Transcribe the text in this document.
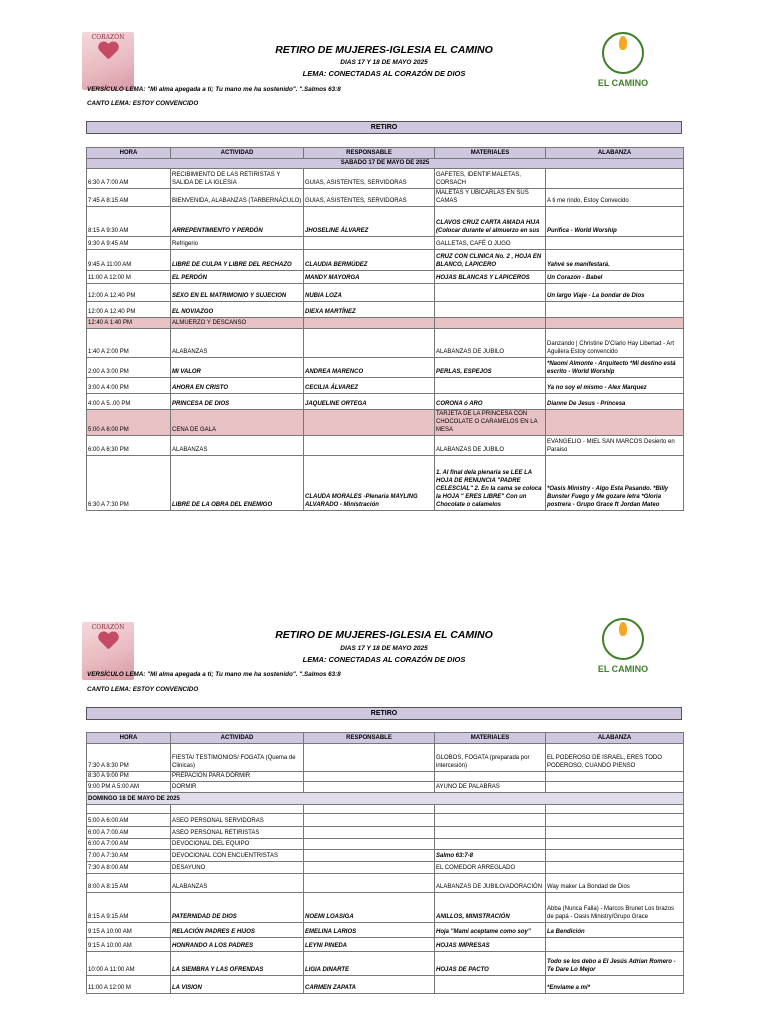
CORAZÓN
EL CAMINO
RETIRO DE MUJERES-IGLESIA EL CAMINO
DIAS 17 Y 18 DE MAYO 2025
LEMA: CONECTADAS AL CORAZÓN DE DIOS
VERSÍCULO LEMA: "Mi alma apegada a ti; Tu mano me ha sostenido". ".Salmos 63:8
CANTO LEMA: ESTOY CONVENCIDO
RETIRO
HORA	ACTIVIDAD	RESPONSABLE	MATERIALES	ALABANZA
SABADO 17 DE MAYO DE 2025				
6:30 A 7:00 AM	RECIBIMIENTO DE LAS RETIRISTAS Y SALIDA DE LA IGLESIA	GUIAS, ASISTENTES, SERVIDORAS	GAFETES, IDENTIF.MALETAS, CORSACH	
7:45 A 8:15 AM	BIENVENIDA, ALABANZAS (TARBERNÁCULO)	GUIAS, ASISTENTES, SERVIDORAS	MALETAS Y UBICARLAS EN SUS CAMAS	A ti me rindo, Estoy Convecido
8:15 A 9:30 AM	ARREPENTIMIENTO Y PERDÓN	JHOSELINE ÁLVAREZ	CLAVOS CRUZ CARTA AMADA HIJA (Colocar durante el almuerzo en sus	Purifica - World Worship
9:30 A 9:45 AM	Refrigerio		GALLETAS, CAFÉ O JUGO	
9:45 A 11:00 AM	LIBRE DE CULPA Y LIBRE DEL RECHAZO	CLAUDIA BERMÚDEZ	CRUZ CON CLINICA No. 2 , HOJA EN BLANCO, LAPICERO	Yahvé se manifestará.
11:00 A 12:00 M	EL PERDÓN	MANDY MAYORGA	HOJAS BLANCAS Y LAPICEROS	Un Corazón - Babel
12:00 A 12:40 PM	SEXO EN EL MATRIMONIO Y SUJECION	NUBIA LOZA		Un largo Viaje - La bondar de Dios
12:00 A 12:40 PM	EL NOVIAZGO	DIEXA MARTÍNEZ		
12:40 A 1:40 PM	ALMUERZO Y DESCANSO			
1:40 A 2:00 PM	ALABANZAS		ALABANZAS DE JUBILO	Danzando | Christine D'Clario Hay Libertad - Art Aguilera Estoy convencido
2:00 A 3:00 PM	MI VALOR	ANDREA MARENCO	PERLAS, ESPEJOS	*Naomi Almonte - Arquitecto *Mi destino está escrito - World Worship
3:00 A 4:00 PM	AHORA EN CRISTO	CECILIA ÁLVAREZ		Ya no soy el mismo - Alex Marquez
4:00 A 5..00 PM	PRINCESA DE DIOS	JAQUELINE ORTEGA	CORONA ó ARO	Dianne De Jesus - Princesa
5:00 A 6:00 PM	CENA DE GALA		TARJETA DE LA PRINCESA CON CHOCOLATE O CARAMELOS EN LA MESA	
6:00 A 6:30 PM	ALABANZAS		ALABANZAS DE JUBILO	EVANGELIO - MIEL SAN MARCOS Desierto en Paraiso
6:30 A 7:30 PM	LIBRE DE LA OBRA DEL ENEMIGO	CLAUDA MORALES -Plenaria MAYLING ALVARADO - Ministración	1. Al final dela plenaria se LEE LA HOJA DE RENUNCIA "PADRE CELESCIAL" 2. En la cama se coloca la HOJA " ERES LIBRE" Con un Chocolate o calamelos	*Oasis Ministry - Algo Esta Pasando. *Billy Bunster Fuego y Me gozare letra *Gloria postrera - Grupo Grace ft Jordan Mateo
CORAZÓN
EL CAMINO
RETIRO DE MUJERES-IGLESIA EL CAMINO
DIAS 17 Y 18 DE MAYO 2025
LEMA: CONECTADAS AL CORAZÓN DE DIOS
VERSÍCULO LEMA: "Mi alma apegada a ti; Tu mano me ha sostenido". ".Salmos 63:8
CANTO LEMA: ESTOY CONVENCIDO
RETIRO
HORA	ACTIVIDAD	RESPONSABLE	MATERIALES	ALABANZA
7:30 A 8:30 PM	FIESTA/ TESTIMONIOS/ FOGATA (Quema de Clinicas)		GLOBOS, FOGATA (preparada por intercesión)	EL PODEROSO DE ISRAEL, ERES TODO PODEROSO, CUANDO PIENSO
8:30 A 9:00 PM	PREPACION PARA DORMIR			
9:00 PM A 5:00 AM	DORMIR		AYUNO DE PALABRAS	
DOMINGO 18 DE MAYO DE 2025				

5:00 A 6:00 AM	ASEO PERSONAL SERVIDORAS			
6:00 A 7:00 AM	ASEO PERSONAL RETIRISTAS			
6:00 A 7:00 AM	DEVOCIONAL DEL EQUIPO			
7:00 A 7:30 AM	DEVOCIONAL CON ENCUENTRISTAS		Salmo 63:7-8	
7:30 A 8:00 AM	DESAYUNO		EL COMEDOR ARREGLADO	
8:00 A 8:15 AM	ALABANZAS		ALABANZAS DE JUBILO/ADORACIÓN	Way maker La Bondad de Dios
8:15 A 9:15 AM	PATERNIDAD DE DIOS	NOEMI LOASIGA	ANILLOS, MINISTRACIÓN	Abba (Nunca Falla) - Marcos Brunet Los brazos de papá - Oasis Ministry/Grupo Grace
9:15 A 10:00 AM	RELACIÓN PADRES E HIJOS	EMELINA LARIOS	Hoja "Mami aceptame como soy"	La Bendición
9:15 A 10:00 AM	HONRANDO A LOS PADRES	LEYNI PINEDA	HOJAS IMPRESAS	
10:00 A 11:00 AM	LA SIEMBRA Y LAS OFRENDAS	LIGIA DINARTE	HOJAS DE PACTO	Todo se los debo a El Jesús Adrian Romero - Te Dare Lo Mejor
11:00 A 12:00 M	LA VISION	CARMEN ZAPATA		*Enviame a mí*
